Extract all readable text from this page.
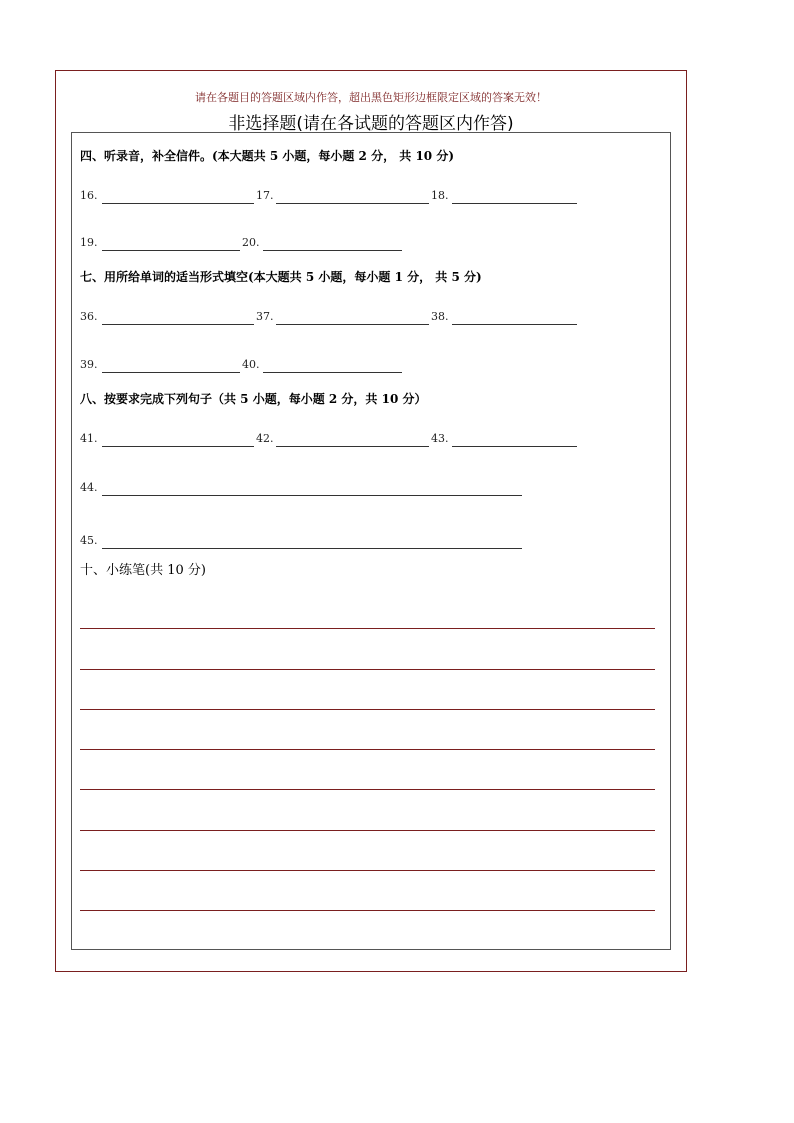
请在各题目的答题区域内作答，超出黑色矩形边框限定区域的答案无效！
非选择题(请在各试题的答题区内作答)
四、听录音，补全信件。(本大题共 5 小题，每小题 2 分， 共 10 分)
16.	17.	18.
19.	20.
七、用所给单词的适当形式填空(本大题共 5 小题，每小题 1 分， 共 5 分)
36.	37.	38.
39.	40.
八、按要求完成下列句子（共 5 小题，每小题 2 分，共 10 分）
41.	42.	43.
44.
45.
十、小练笔(共 10 分)
